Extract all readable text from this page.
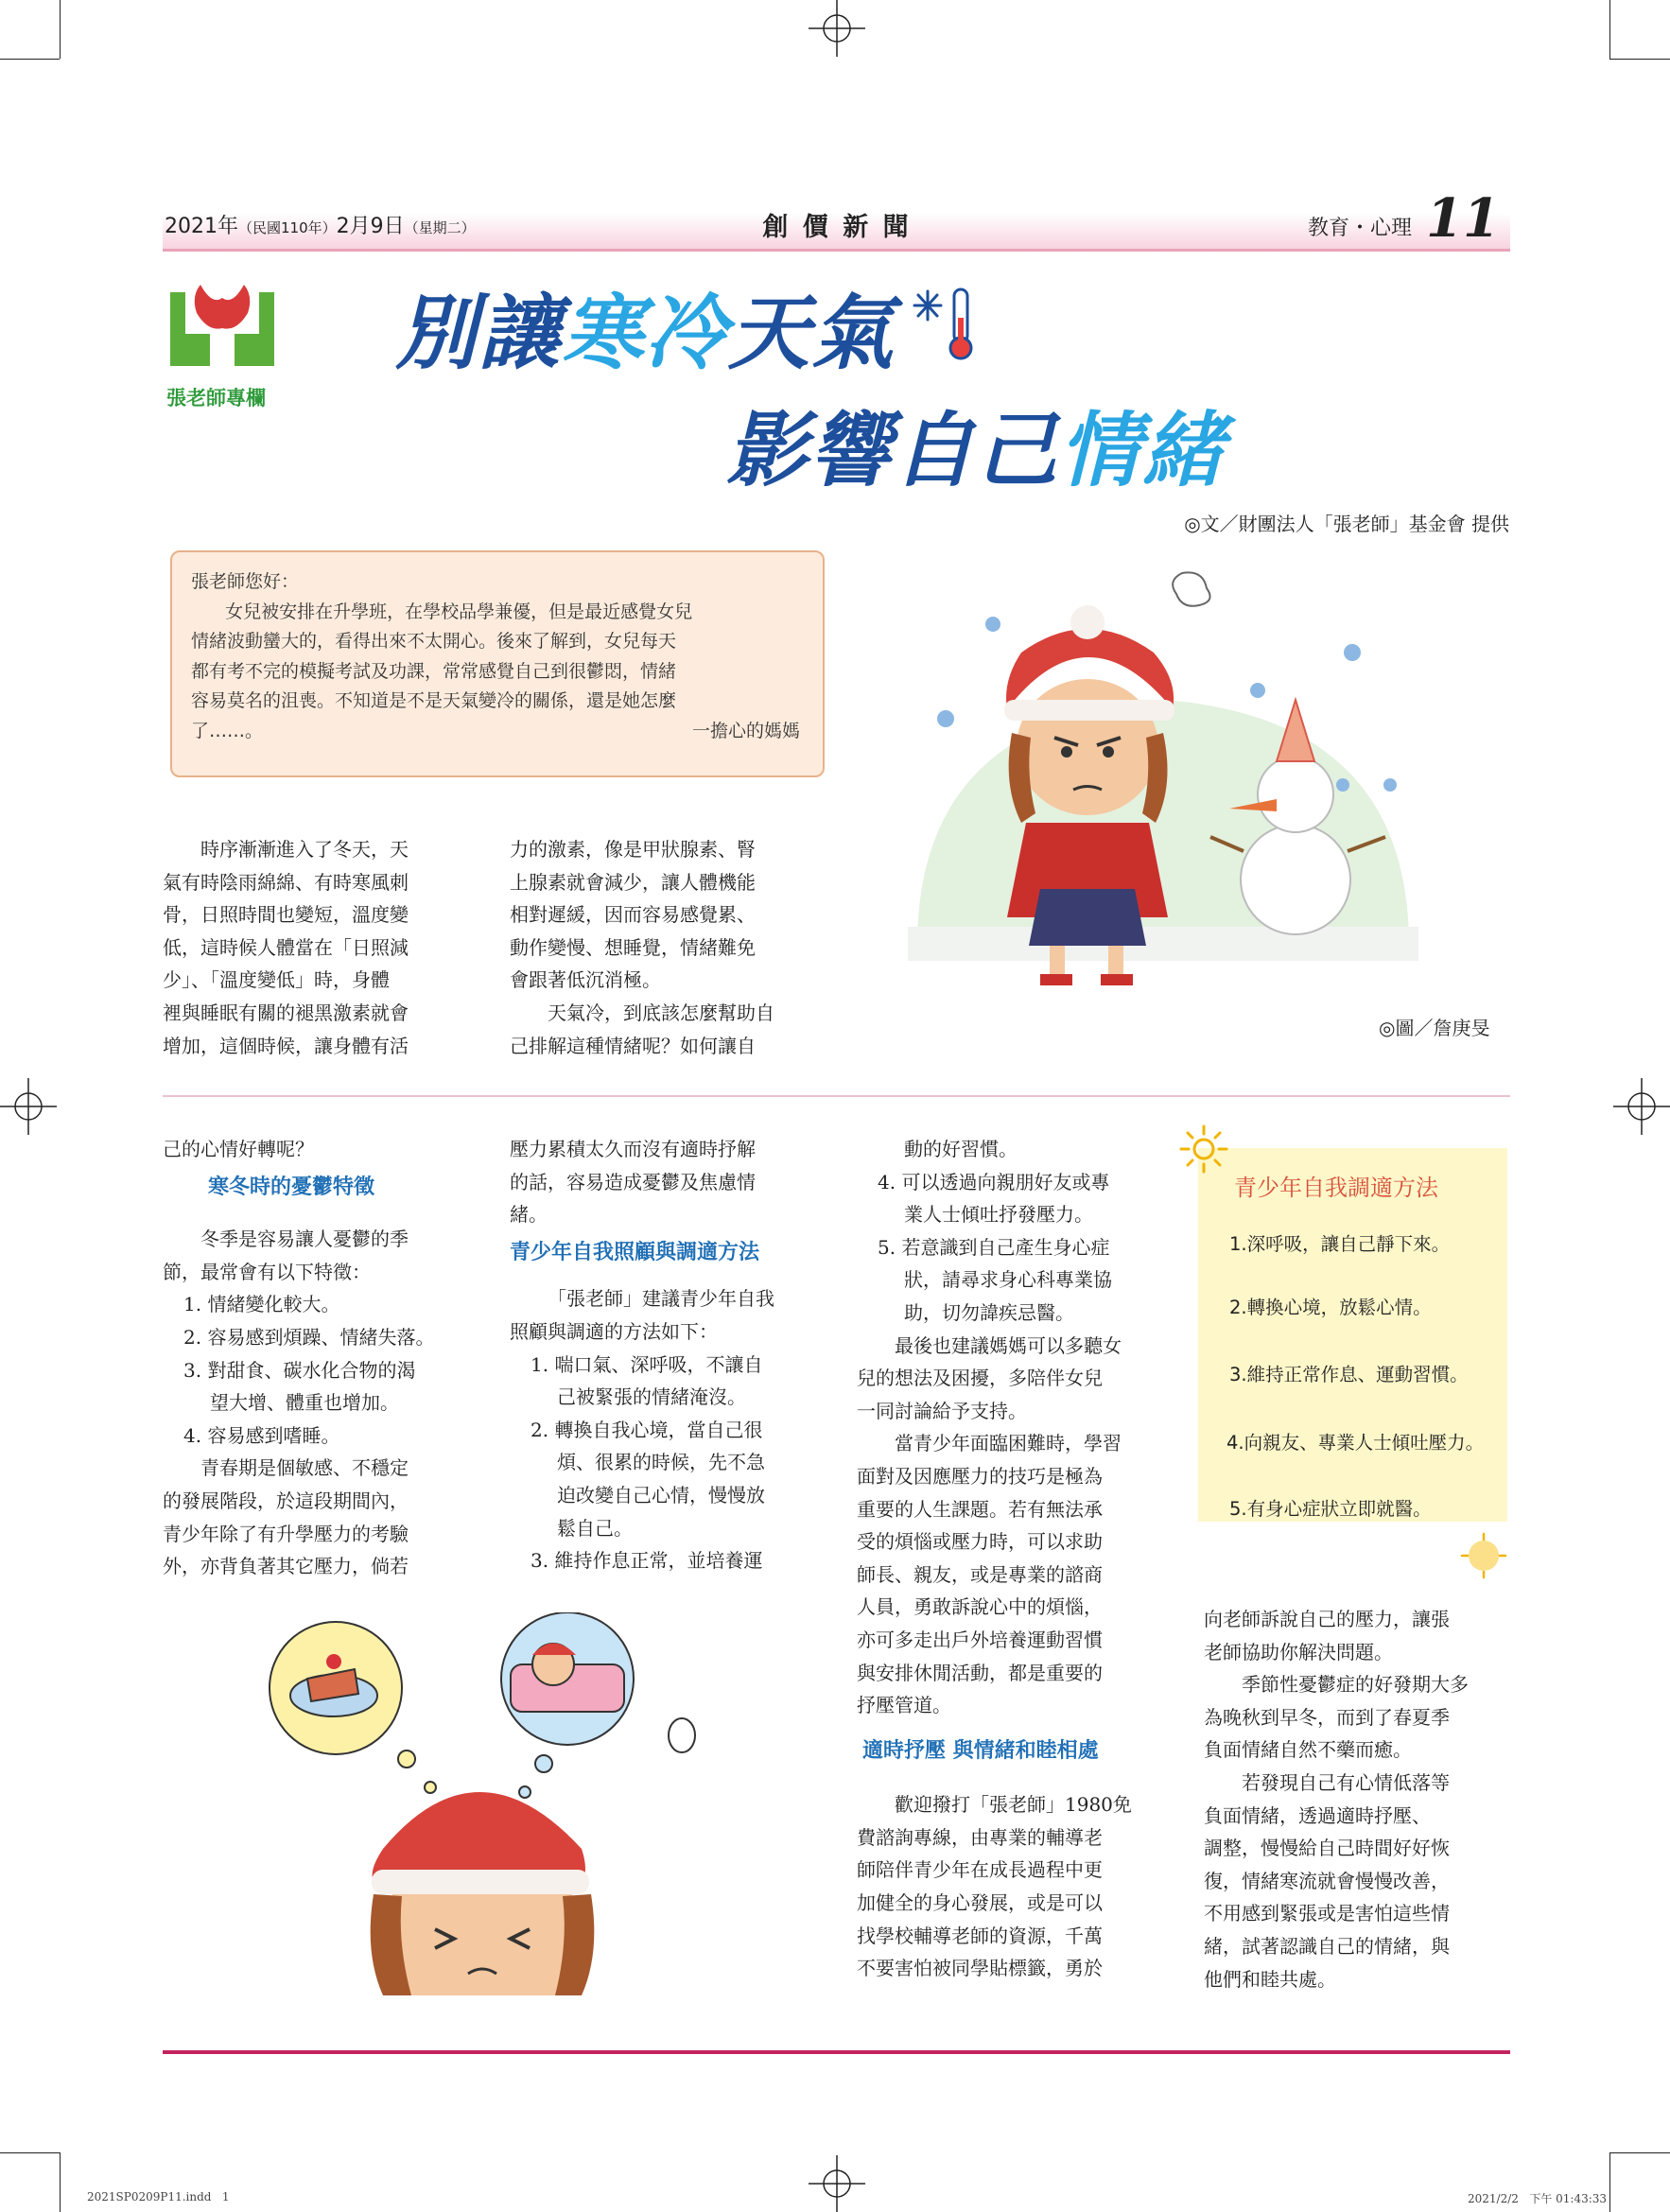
2021年（民國110年）2月9日（星期二）	創 價 新 聞	教育・心理 11
張老師專欄
別讓寒冷天氣
影響自己情緒
◎文／財團法人「張老師」基金會 提供
張老師您好：
女兒被安排在升學班，在學校品學兼優，但是最近感覺女兒
情緒波動蠻大的，看得出來不太開心。後來了解到，女兒每天
都有考不完的模擬考試及功課，常常感覺自己到很鬱悶，情緒
容易莫名的沮喪。不知道是不是天氣變冷的關係，還是她怎麼
了……。	一擔心的媽媽
◎圖／詹庚旻

時序漸漸進入了冬天，天

氣有時陰雨綿綿、有時寒風刺

骨，日照時間也變短，溫度變

低，這時候人體當在「日照減

少」、「溫度變低」時，身體

裡與睡眠有關的褪黑激素就會

增加，這個時候，讓身體有活

力的激素，像是甲狀腺素、腎

上腺素就會減少，讓人體機能

相對遲緩，因而容易感覺累、

動作變慢、想睡覺，情緒難免

會跟著低沉消極。

天氣冷，到底該怎麼幫助自

己排解這種情緒呢？如何讓自

己的心情好轉呢？

寒冬時的憂鬱特徵

冬季是容易讓人憂鬱的季

節，最常會有以下特徵：

1. 情緒變化較大。

2. 容易感到煩躁、情緒失落。

3. 對甜食、碳水化合物的渴

望大增、體重也增加。

4. 容易感到嗜睡。

青春期是個敏感、不穩定

的發展階段，於這段期間內，

青少年除了有升學壓力的考驗

外，亦背負著其它壓力，倘若

壓力累積太久而沒有適時抒解

的話，容易造成憂鬱及焦慮情

緒。

青少年自我照顧與調適方法

「張老師」建議青少年自我

照顧與調適的方法如下：

1. 喘口氣、深呼吸，不讓自

己被緊張的情緒淹沒。

2. 轉換自我心境，當自己很

煩、很累的時候，先不急

迫改變自己心情，慢慢放

鬆自己。

3. 維持作息正常，並培養運

動的好習慣。

4. 可以透過向親朋好友或專

業人士傾吐抒發壓力。

5. 若意識到自己產生身心症

狀，請尋求身心科專業協

助，切勿諱疾忌醫。

最後也建議媽媽可以多聽女

兒的想法及困擾，多陪伴女兒

一同討論給予支持。

當青少年面臨困難時，學習

面對及因應壓力的技巧是極為

重要的人生課題。若有無法承

受的煩惱或壓力時，可以求助

師長、親友，或是專業的諮商

人員，勇敢訴說心中的煩惱，

亦可多走出戶外培養運動習慣

與安排休閒活動，都是重要的

抒壓管道。

適時抒壓 與情緒和睦相處

歡迎撥打「張老師」1980免

費諮詢專線，由專業的輔導老

師陪伴青少年在成長過程中更

加健全的身心發展，或是可以

找學校輔導老師的資源，千萬

不要害怕被同學貼標籤，勇於

青少年自我調適方法
1.深呼吸，讓自己靜下來。
2.轉換心境，放鬆心情。
3.維持正常作息、運動習慣。
4.向親友、專業人士傾吐壓力。
5.有身心症狀立即就醫。

向老師訴說自己的壓力，讓張

老師協助你解決問題。

季節性憂鬱症的好發期大多

為晚秋到早冬，而到了春夏季

負面情緒自然不藥而癒。

若發現自己有心情低落等

負面情緒，透過適時抒壓、

調整，慢慢給自己時間好好恢

復，情緒寒流就會慢慢改善，

不用感到緊張或是害怕這些情

緒，試著認識自己的情緒，與

他們和睦共處。

2021SP0209P11.indd   1	2021/2/2   下午 01:43:33
